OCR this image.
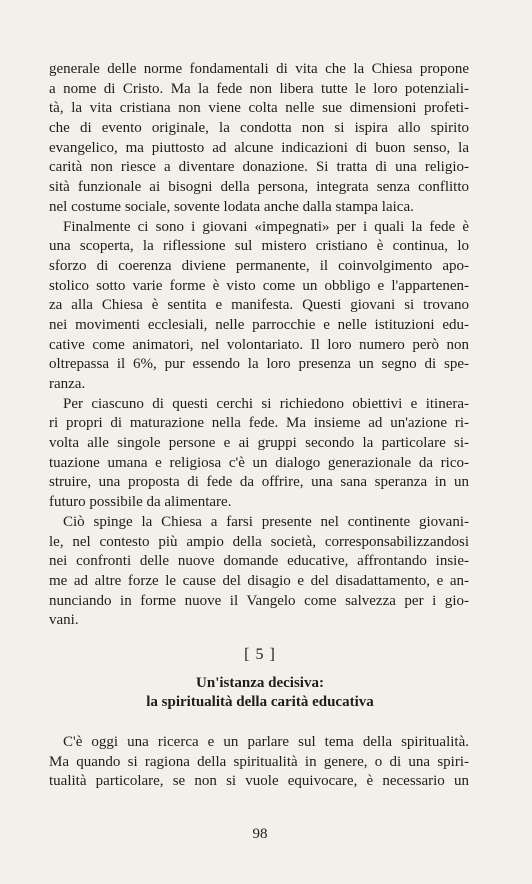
generale delle norme fondamentali di vita che la Chiesa propone
a nome di Cristo. Ma la fede non libera tutte le loro potenziali-
tà, la vita cristiana non viene colta nelle sue dimensioni profeti-
che di evento originale, la condotta non si ispira allo spirito
evangelico, ma piuttosto ad alcune indicazioni di buon senso, la
carità non riesce a diventare donazione. Si tratta di una religio-
sità funzionale ai bisogni della persona, integrata senza conflitto
nel costume sociale, sovente lodata anche dalla stampa laica.
Finalmente ci sono i giovani «impegnati» per i quali la fede è
una scoperta, la riflessione sul mistero cristiano è continua, lo
sforzo di coerenza diviene permanente, il coinvolgimento apo-
stolico sotto varie forme è visto come un obbligo e l'appartenen-
za alla Chiesa è sentita e manifesta. Questi giovani si trovano
nei movimenti ecclesiali, nelle parrocchie e nelle istituzioni edu-
cative come animatori, nel volontariato. Il loro numero però non
oltrepassa il 6%, pur essendo la loro presenza un segno di spe-
ranza.
Per ciascuno di questi cerchi si richiedono obiettivi e itinera-
ri propri di maturazione nella fede. Ma insieme ad un'azione ri-
volta alle singole persone e ai gruppi secondo la particolare si-
tuazione umana e religiosa c'è un dialogo generazionale da rico-
struire, una proposta di fede da offrire, una sana speranza in un
futuro possibile da alimentare.
Ciò spinge la Chiesa a farsi presente nel continente giovani-
le, nel contesto più ampio della società, corresponsabilizzandosi
nei confronti delle nuove domande educative, affrontando insie-
me ad altre forze le cause del disagio e del disadattamento, e an-
nunciando in forme nuove il Vangelo come salvezza per i gio-
vani.
[ 5 ]
Un'istanza decisiva:
la spiritualità della carità educativa
C'è oggi una ricerca e un parlare sul tema della spiritualità.
Ma quando si ragiona della spiritualità in genere, o di una spiri-
tualità particolare, se non si vuole equivocare, è necessario un
98
